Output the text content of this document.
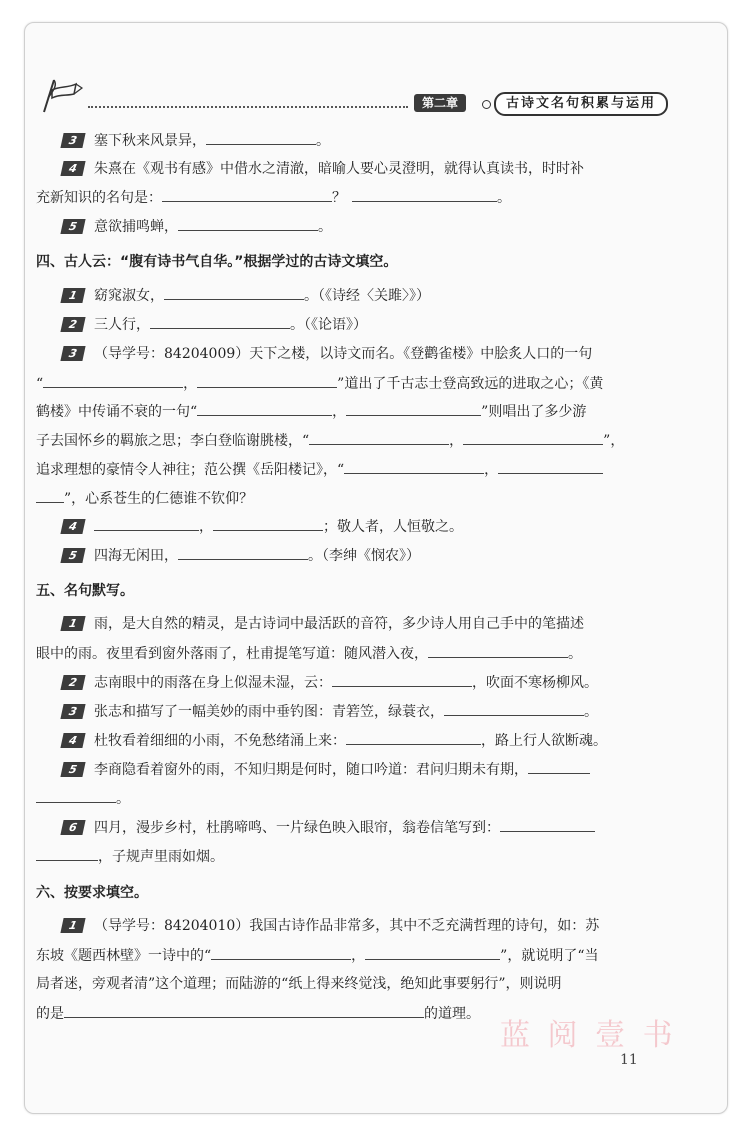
第二章	古诗文名句积累与运用
3 塞下秋来风景异，	。
4 朱熹在《观书有感》中借水之清澈，暗喻人要心灵澄明，就得认真读书，时时补
充新知识的名句是：	？	。
5 意欲捕鸣蝉，	。
四、古人云：“腹有诗书气自华。”根据学过的古诗文填空。
1 窈窕淑女，	。（《诗经〈关雎〉》）
2 三人行，	。（《论语》）
3 （导学号：84204009）天下之楼，以诗文而名。《登鹳雀楼》中脍炙人口的一句
“	，	”道出了千古志士登高致远的进取之心；《黄
鹤楼》中传诵不衰的一句“	，	”则唱出了多少游
子去国怀乡的羁旅之思；李白登临谢朓楼，“	，	”，
追求理想的豪情令人神往；范公撰《岳阳楼记》，“	，
”，心系苍生的仁德谁不钦仰？
4	，	；敬人者，人恒敬之。
5 四海无闲田，	。（李绅《悯农》）
五、名句默写。
1 雨，是大自然的精灵，是古诗词中最活跃的音符，多少诗人用自己手中的笔描述
眼中的雨。夜里看到窗外落雨了，杜甫提笔写道：随风潜入夜，	。
2 志南眼中的雨落在身上似湿未湿，云：	，吹面不寒杨柳风。
3 张志和描写了一幅美妙的雨中垂钓图：青箬笠，绿蓑衣，	。
4 杜牧看着细细的小雨，不免愁绪涌上来：	，路上行人欲断魂。
5 李商隐看着窗外的雨，不知归期是何时，随口吟道：君问归期未有期，
。
6 四月，漫步乡村，杜鹃啼鸣、一片绿色映入眼帘，翁卷信笔写到：
，子规声里雨如烟。
六、按要求填空。
1 （导学号：84204010）我国古诗作品非常多，其中不乏充满哲理的诗句，如：苏
东坡《题西林壁》一诗中的“	，	”，就说明了“当
局者迷，旁观者清”这个道理；而陆游的“纸上得来终觉浅，绝知此事要躬行”，则说明
的是	的道理。
蓝 阅 壹 书
11
